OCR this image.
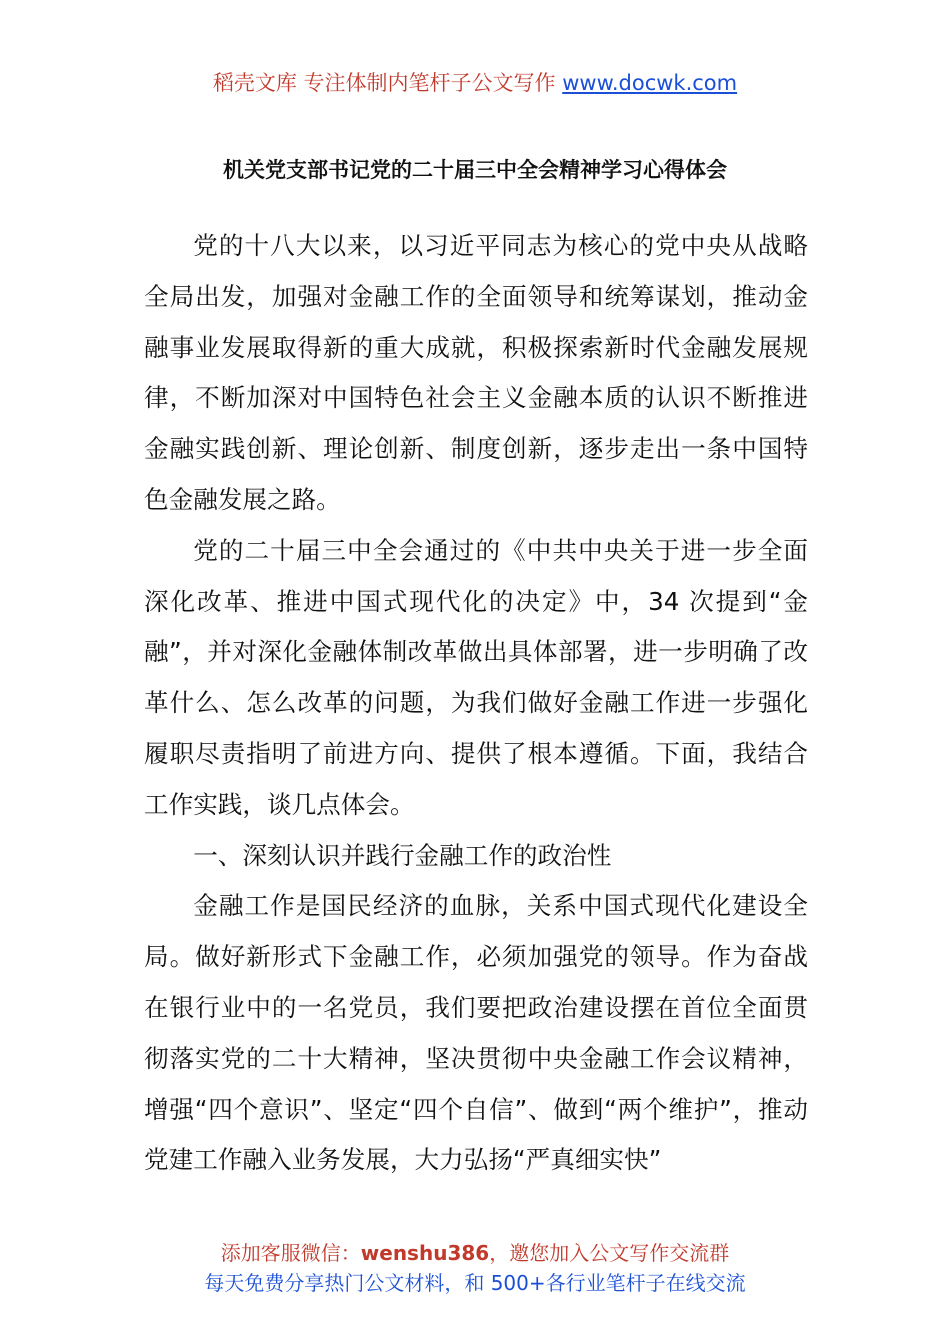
稻壳文库 专注体制内笔杆子公文写作 www.docwk.com
机关党支部书记党的二十届三中全会精神学习心得体会

党的十八大以来，以习近平同志为核心的党中央从战略全局出发，加强对金融工作的全面领导和统筹谋划，推动金融事业发展取得新的重大成就，积极探索新时代金融发展规律，不断加深对中国特色社会主义金融本质的认识不断推进金融实践创新、理论创新、制度创新，逐步走出一条中国特色金融发展之路。

党的二十届三中全会通过的《中共中央关于进一步全面深化改革、推进中国式现代化的决定》中，34 次提到“金融”，并对深化金融体制改革做出具体部署，进一步明确了改革什么、怎么改革的问题，为我们做好金融工作进一步强化履职尽责指明了前进方向、提供了根本遵循。下面，我结合工作实践，谈几点体会。

一、深刻认识并践行金融工作的政治性

金融工作是国民经济的血脉，关系中国式现代化建设全局。做好新形式下金融工作，必须加强党的领导。作为奋战在银行业中的一名党员，我们要把政治建设摆在首位全面贯彻落实党的二十大精神，坚决贯彻中央金融工作会议精神，增强“四个意识”、坚定“四个自信”、做到“两个维护”，推动党建工作融入业务发展，大力弘扬“严真细实快”

添加客服微信：wenshu386，邀您加入公文写作交流群
每天免费分享热门公文材料，和 500+各行业笔杆子在线交流
